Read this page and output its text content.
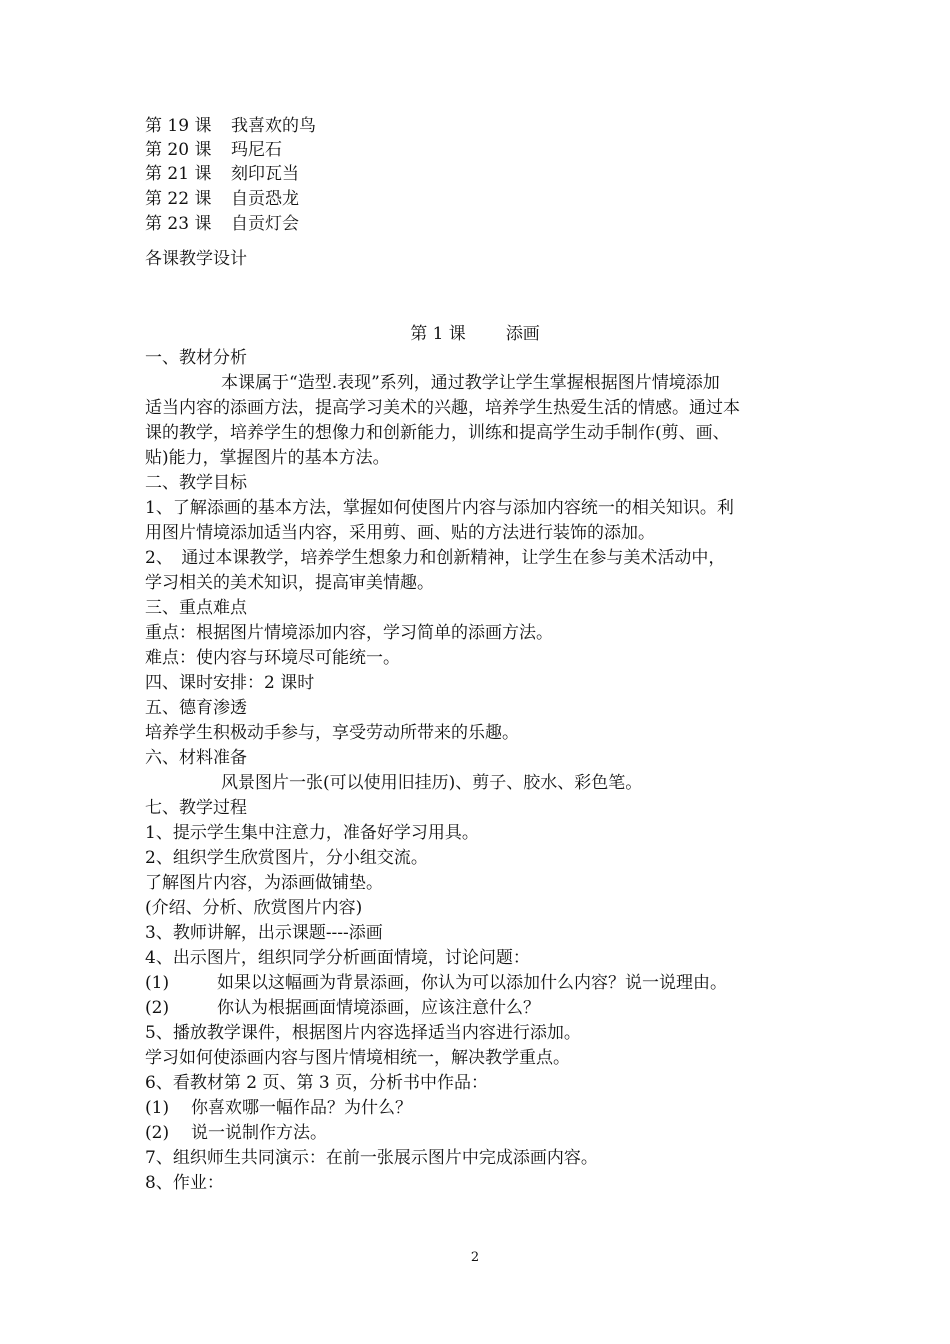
第 19 课 我喜欢的鸟
第 20 课 玛尼石
第 21 课 刻印瓦当
第 22 课 自贡恐龙
第 23 课 自贡灯会
各课教学设计
第 1 课 添画
一、教材分析
本课属于“造型.表现”系列，通过教学让学生掌握根据图片情境添加
适当内容的添画方法，提高学习美术的兴趣，培养学生热爱生活的情感。通过本
课的教学，培养学生的想像力和创新能力，训练和提高学生动手制作(剪、画、
贴)能力，掌握图片的基本方法。
二、教学目标
1、了解添画的基本方法，掌握如何使图片内容与添加内容统一的相关知识。利
用图片情境添加适当内容，采用剪、画、贴的方法进行装饰的添加。
2、　通过本课教学，培养学生想象力和创新精神，让学生在参与美术活动中，
学习相关的美术知识，提高审美情趣。
三、重点难点
重点：根据图片情境添加内容，学习简单的添画方法。
难点：使内容与环境尽可能统一。
四、课时安排：2 课时
五、德育渗透
培养学生积极动手参与，享受劳动所带来的乐趣。
六、材料准备
风景图片一张(可以使用旧挂历)、剪子、胶水、彩色笔。
七、教学过程
1、提示学生集中注意力，准备好学习用具。
2、组织学生欣赏图片，分小组交流。
了解图片内容，为添画做铺垫。
(介绍、分析、欣赏图片内容)
3、教师讲解，出示课题----添画
4、出示图片，组织同学分析画面情境，讨论问题：
(1)	如果以这幅画为背景添画，你认为可以添加什么内容？说一说理由。
(2)	你认为根据画面情境添画，应该注意什么？
5、播放教学课件，根据图片内容选择适当内容进行添加。
学习如何使添画内容与图片情境相统一，解决教学重点。
6、看教材第 2 页、第 3 页，分析书中作品：
(1) 你喜欢哪一幅作品？为什么？
(2) 说一说制作方法。
7、组织师生共同演示：在前一张展示图片中完成添画内容。
8、作业：
2
